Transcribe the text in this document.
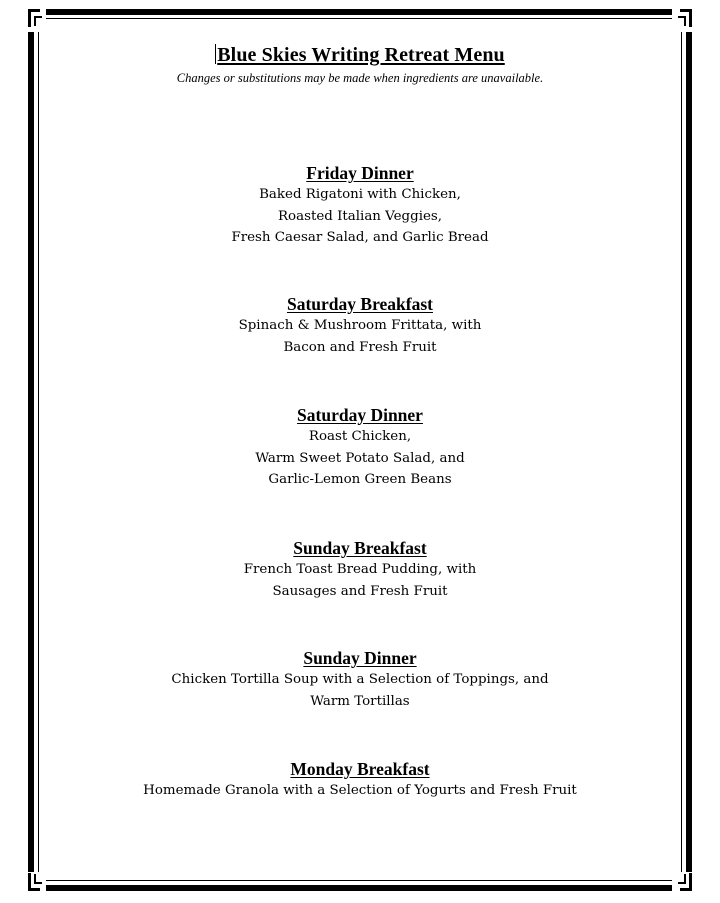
Blue Skies Writing Retreat Menu
Changes or substitutions may be made when ingredients are unavailable.
Friday Dinner
Baked Rigatoni with Chicken,
Roasted Italian Veggies,
Fresh Caesar Salad, and Garlic Bread
Saturday Breakfast
Spinach & Mushroom Frittata, with
Bacon and Fresh Fruit
Saturday Dinner
Roast Chicken,
Warm Sweet Potato Salad, and
Garlic-Lemon Green Beans
Sunday Breakfast
French Toast Bread Pudding, with
Sausages and Fresh Fruit
Sunday Dinner
Chicken Tortilla Soup with a Selection of Toppings, and
Warm Tortillas
Monday Breakfast
Homemade Granola with a Selection of Yogurts and Fresh Fruit
